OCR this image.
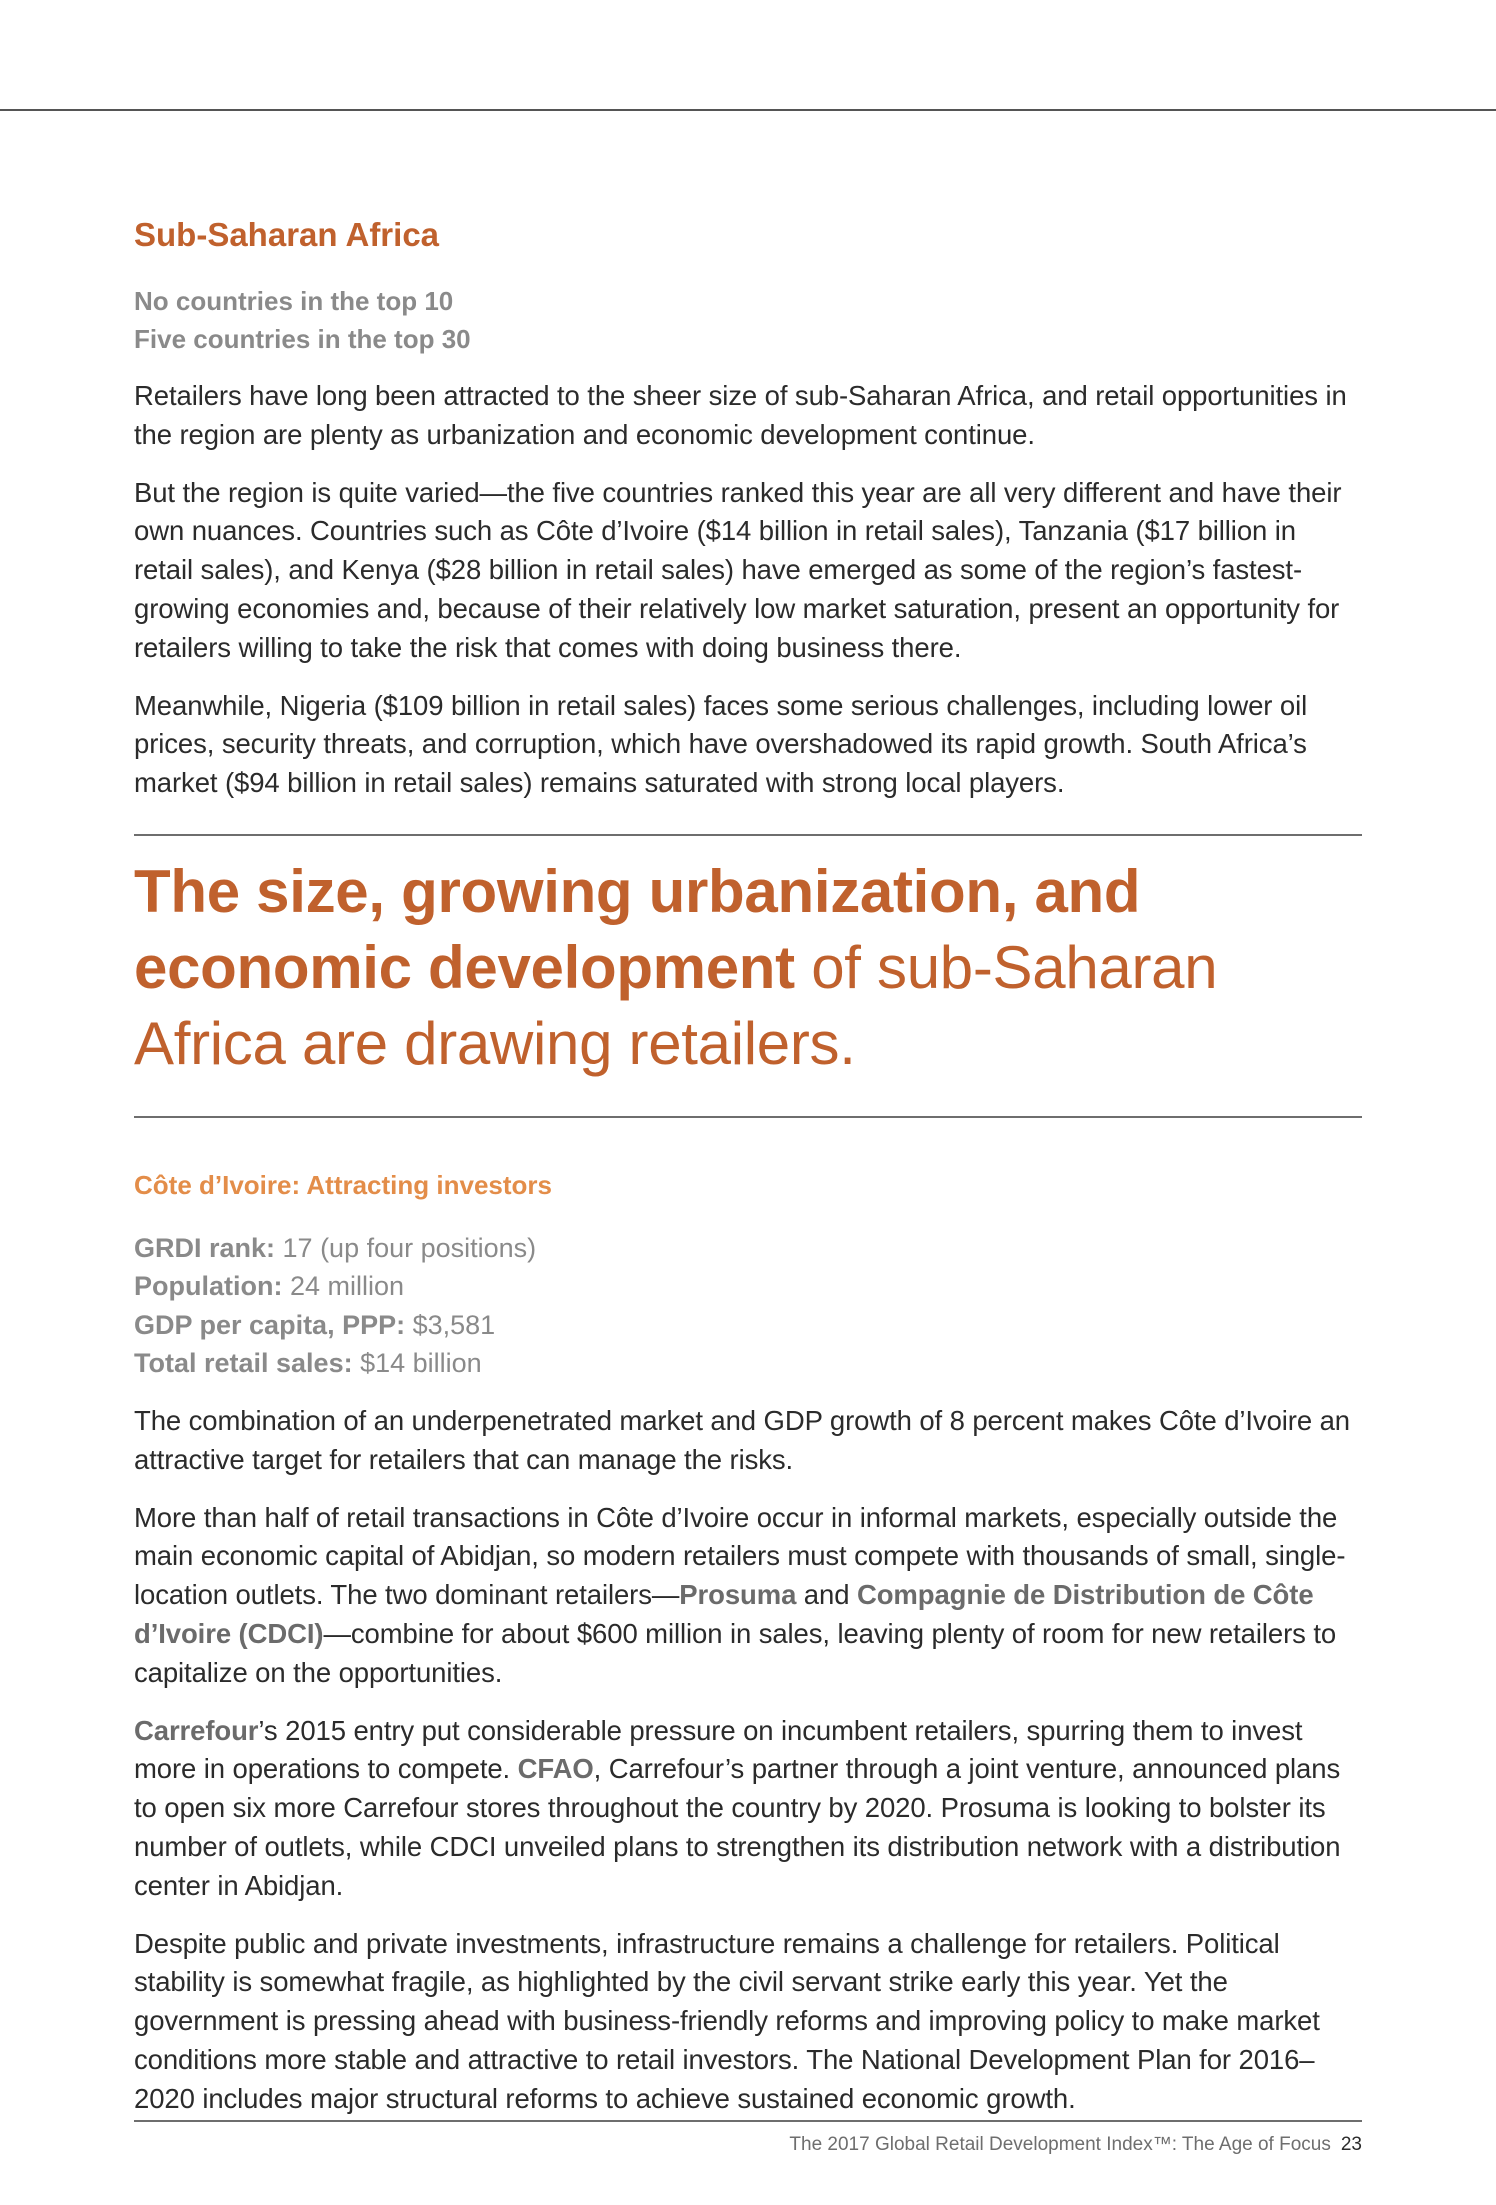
Sub-Saharan Africa
No countries in the top 10
Five countries in the top 30

Retailers have long been attracted to the sheer size of sub-Saharan Africa, and retail opportunities in the region are plenty as urbanization and economic development continue.

But the region is quite varied—the five countries ranked this year are all very different and have their own nuances. Countries such as Côte d’Ivoire ($14 billion in retail sales), Tanzania ($17 billion in retail sales), and Kenya ($28 billion in retail sales) have emerged as some of the region’s fastest-growing economies and, because of their relatively low market saturation, present an opportunity for retailers willing to take the risk that comes with doing business there.

Meanwhile, Nigeria ($109 billion in retail sales) faces some serious challenges, including lower oil prices, security threats, and corruption, which have overshadowed its rapid growth. South Africa’s market ($94 billion in retail sales) remains saturated with strong local players.

The size, growing urbanization, and economic development of sub-Saharan Africa are drawing retailers.

Côte d’Ivoire: Attracting investors
GRDI rank: 17 (up four positions)
Population: 24 million
GDP per capita, PPP: $3,581
Total retail sales: $14 billion

The combination of an underpenetrated market and GDP growth of 8 percent makes Côte d’Ivoire an attractive target for retailers that can manage the risks.

More than half of retail transactions in Côte d’Ivoire occur in informal markets, especially outside the main economic capital of Abidjan, so modern retailers must compete with thousands of small, single-location outlets. The two dominant retailers—Prosuma and Compagnie de Distribution de Côte d’Ivoire (CDCI)—combine for about $600 million in sales, leaving plenty of room for new retailers to capitalize on the opportunities.

Carrefour’s 2015 entry put considerable pressure on incumbent retailers, spurring them to invest more in operations to compete. CFAO, Carrefour’s partner through a joint venture, announced plans to open six more Carrefour stores throughout the country by 2020. Prosuma is looking to bolster its number of outlets, while CDCI unveiled plans to strengthen its distribution network with a distribution center in Abidjan.

Despite public and private investments, infrastructure remains a challenge for retailers. Political stability is somewhat fragile, as highlighted by the civil servant strike early this year. Yet the government is pressing ahead with business-friendly reforms and improving policy to make market conditions more stable and attractive to retail investors. The National Development Plan for 2016–2020 includes major structural reforms to achieve sustained economic growth.

The 2017 Global Retail Development Index™: The Age of Focus 23
